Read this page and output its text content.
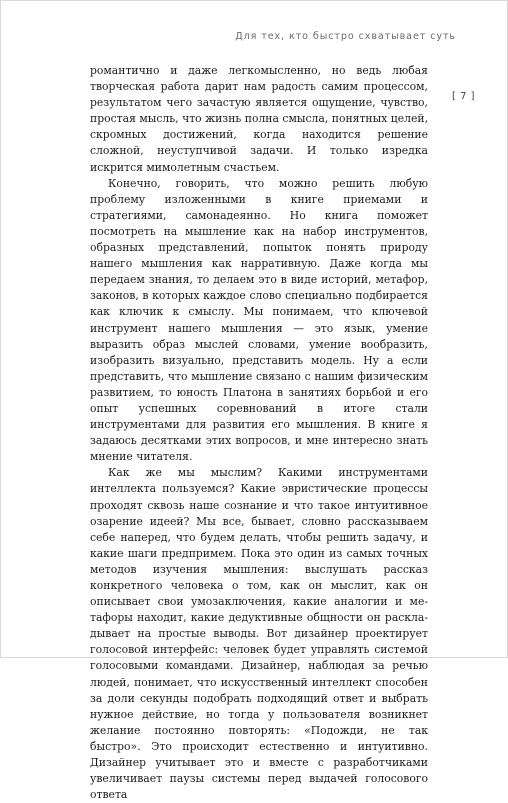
Для тех, кто быстро схватывает суть
[ 7 ]

романтично и даже легкомысленно, но ведь любая творческая работа дарит нам радость самим процессом, результатом чего зачастую является ощущение, чувство, простая мысль, что жизнь полна смысла, понятных целей, скромных достижений, когда находится решение сложной, неуступчивой задачи. И только изредка искрится мимолетным счастьем.

Конечно, говорить, что можно решить любую проблему изложенными в книге приемами и стратегиями, самонадеянно. Но книга поможет посмотреть на мышление как на набор инструментов, образных представлений, попыток понять природу нашего мышления как нарративную. Даже когда мы передаем знания, то делаем это в виде историй, метафор, законов, в которых каждое слово специально подбирается как ключик к смыслу. Мы понимаем, что ключевой инструмент нашего мышления — это язык, умение выразить образ мыслей словами, умение вообразить, изобразить визуально, представить модель. Ну а если представить, что мышление связано с нашим физическим развитием, то юность Платона в занятиях борьбой и его опыт успешных соревнований в итоге стали инструментами для развития его мышления. В книге я задаюсь десятками этих вопросов, и мне интересно знать мнение читателя.

Как же мы мыслим? Какими инструментами интеллекта пользуемся? Какие эвристические процессы проходят сквозь наше сознание и что такое интуитивное озарение идеей? Мы все, бывает, словно рассказываем себе наперед, что будем делать, чтобы решить задачу, и какие шаги предпримем. Пока это один из самых точных методов изучения мышления: выслушать рассказ конкретного человека о том, как он мыслит, как он описывает свои умозаключения, какие аналогии и метафоры находит, какие дедуктивные общности он раскладывает на простые выводы. Вот дизайнер проектирует голосовой интерфейс: человек будет управлять системой голосовыми командами. Дизайнер, наблюдая за речью людей, понимает, что искусственный интеллект способен за доли секунды подобрать подходящий ответ и выбрать нужное действие, но тогда у пользователя возникнет желание постоянно повторять: «Подожди, не так быстро». Это происходит естественно и интуитивно. Дизайнер учитывает это и вместе с разработчиками увеличивает паузы системы перед выдачей голосового ответа
